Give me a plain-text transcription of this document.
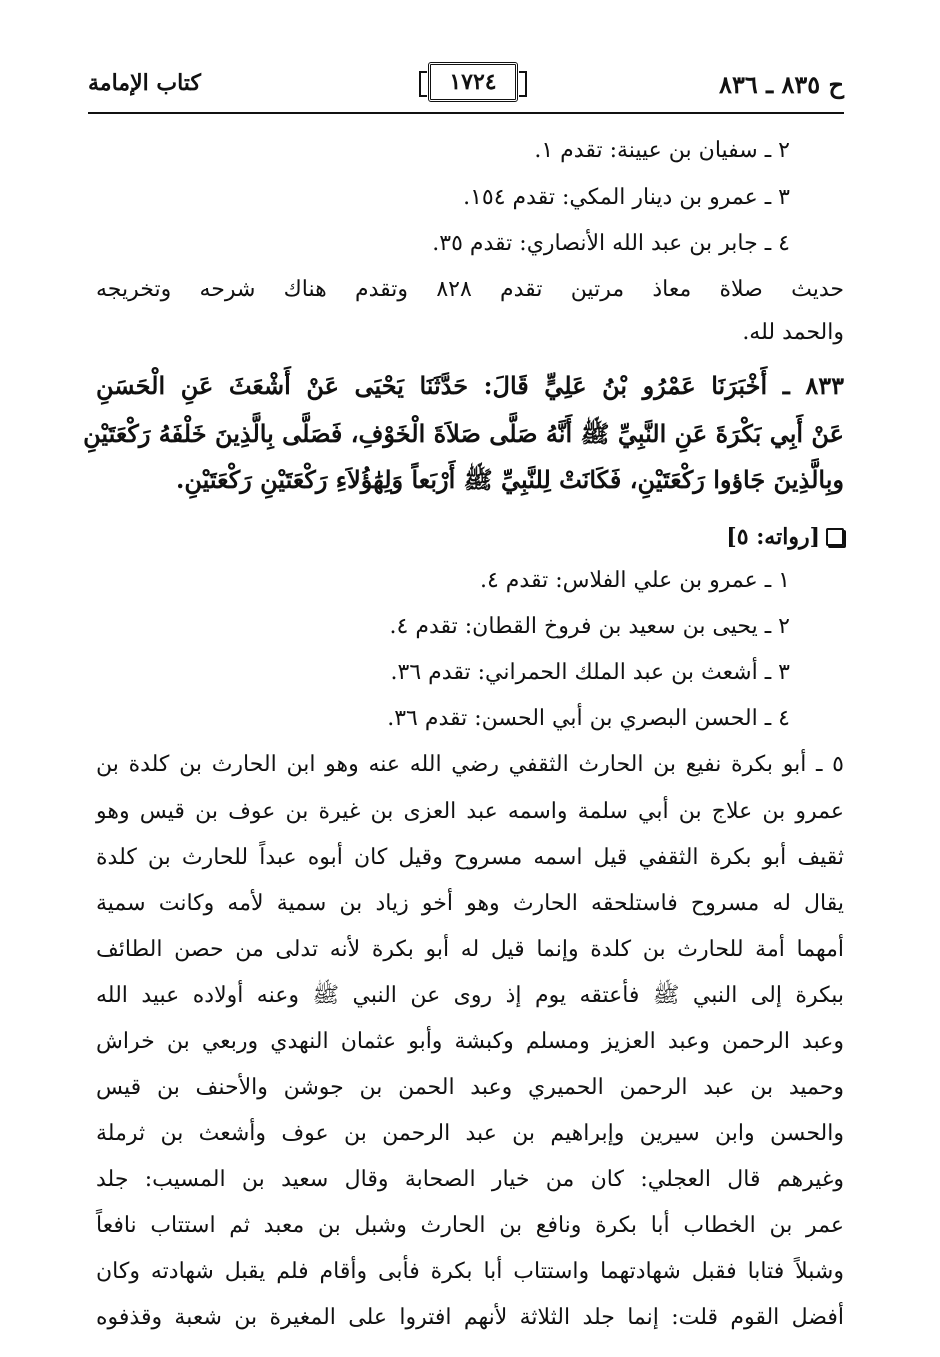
ح ٨٣٥ ـ ٨٣٦
١٧٢٤
كتاب الإمامة
٢ ـ سفيان بن عيينة: تقدم ١.
٣ ـ عمرو بن دينار المكي: تقدم ١٥٤.
٤ ـ جابر بن عبد الله الأنصاري: تقدم ٣٥.
حديث صلاة معاذ مرتين تقدم ٨٢٨ وتقدم هناك شرحه وتخريجه
والحمد لله.
٨٣٣ ـ أَخْبَرَنَا عَمْرُو بْنُ عَلِيٍّ قَالَ: حَدَّثَنَا يَحْيَى عَنْ أَشْعَثَ عَنِ الْحَسَنِ
عَنْ أَبِي بَكْرَةَ عَنِ النَّبِيِّ ﷺ أَنَّهُ صَلَّى صَلاَةَ الْخَوْفِ، فَصَلَّى بِالَّذِينَ خَلْفَهُ رَكْعَتَيْنِ
وبِالَّذِينَ جَاؤوا رَكْعَتَيْنِ، فَكَانَتْ لِلنَّبِيِّ ﷺ أَرْبَعاً وَلِهَٰؤُلاَءِ رَكْعَتَيْنِ رَكْعَتَيْنِ.
[رواته: ٥]
١ ـ عمرو بن علي الفلاس: تقدم ٤.
٢ ـ يحيى بن سعيد بن فروخ القطان: تقدم ٤.
٣ ـ أشعث بن عبد الملك الحمراني: تقدم ٣٦.
٤ ـ الحسن البصري بن أبي الحسن: تقدم ٣٦.
٥ ـ أبو بكرة نفيع بن الحارث الثقفي رضي الله عنه وهو ابن الحارث بن كلدة بن
عمرو بن علاج بن أبي سلمة واسمه عبد العزى بن غيرة بن عوف بن قيس وهو
ثقيف أبو بكرة الثقفي قيل اسمه مسروح وقيل كان أبوه عبداً للحارث بن كلدة
يقال له مسروح فاستلحقه الحارث وهو أخو زياد بن سمية لأمه وكانت سمية
أمهما أمة للحارث بن كلدة وإنما قيل له أبو بكرة لأنه تدلى من حصن الطائف
ببكرة إلى النبي ﷺ فأعتقه يوم إذ روى عن النبي ﷺ وعنه أولاده عبيد الله
وعبد الرحمن وعبد العزيز ومسلم وكبشة وأبو عثمان النهدي وربعي بن خراش
وحميد بن عبد الرحمن الحميري وعبد الحمن بن جوشن والأحنف بن قيس
والحسن وابن سيرين وإبراهيم بن عبد الرحمن بن عوف وأشعث بن ثرملة
وغيرهم قال العجلي: كان من خيار الصحابة وقال سعيد بن المسيب: جلد
عمر بن الخطاب أبا بكرة ونافع بن الحارث وشبل بن معبد ثم استتاب نافعاً
وشبلاً فتابا فقبل شهادتهما واستتاب أبا بكرة فأبى وأقام فلم يقبل شهادته وكان
أفضل القوم قلت: إنما جلد الثلاثة لأنهم افتروا على المغيرة بن شعبة وقذفوه
